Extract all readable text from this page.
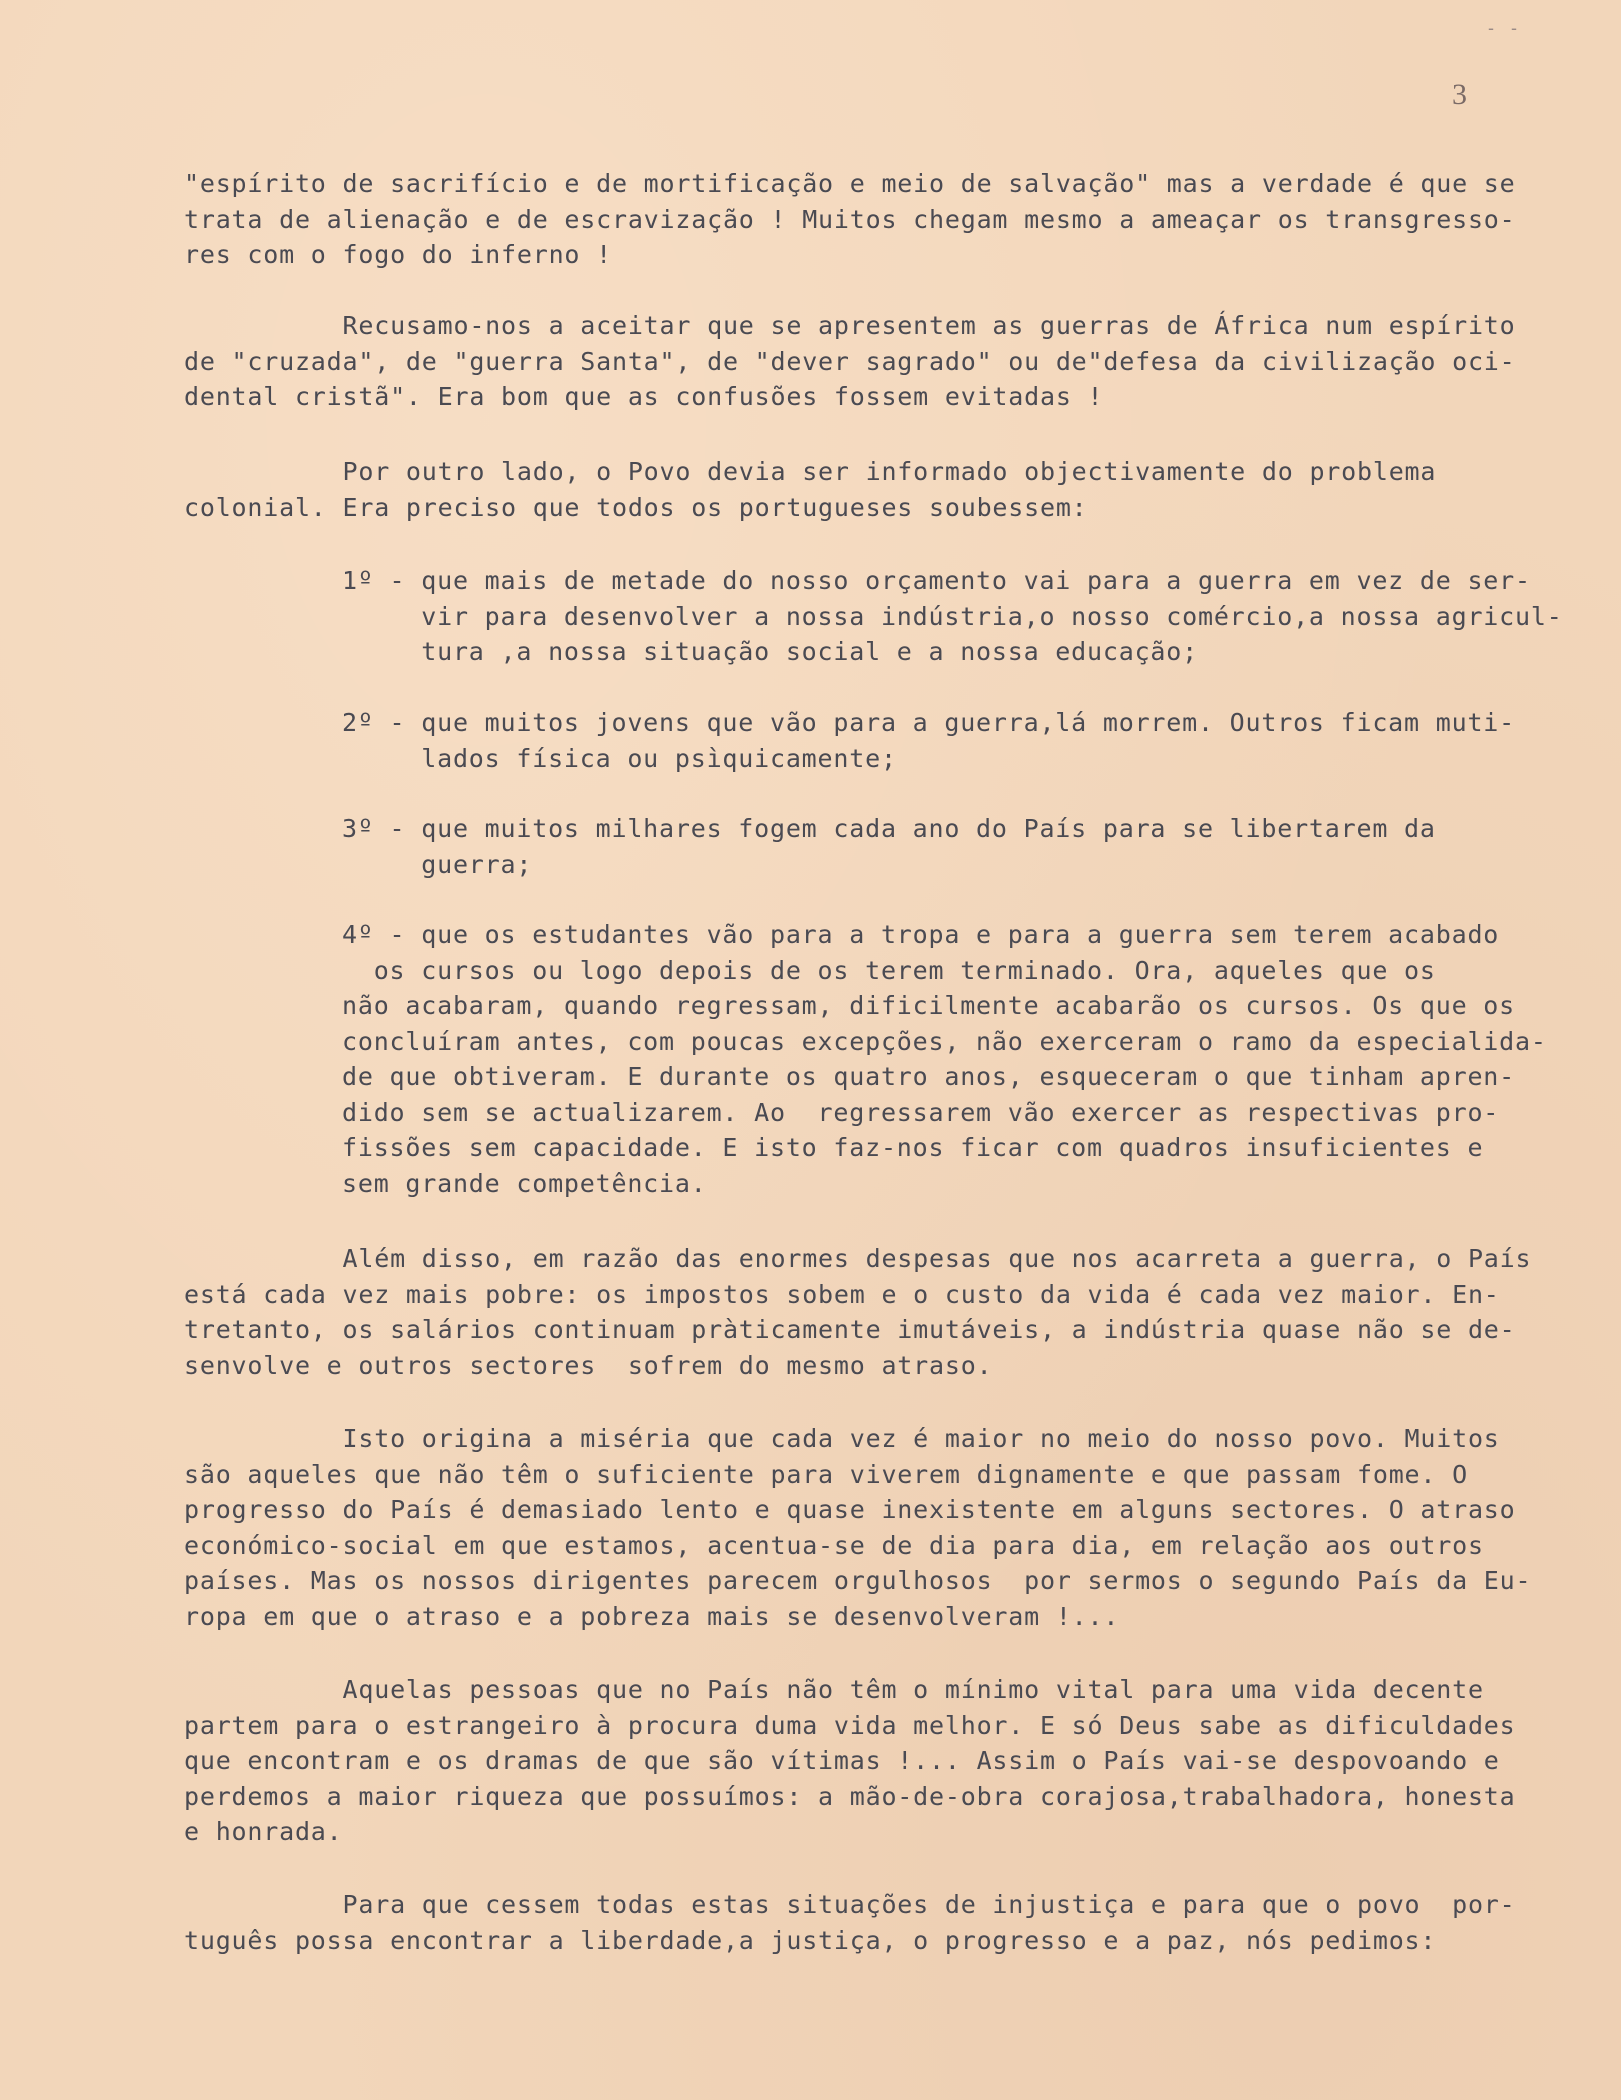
- -
3
"espírito de sacrifício e de mortificação e meio de salvação" mas a verdade é que se
trata de alienação e de escravização ! Muitos chegam mesmo a ameaçar os transgresso-
res com o fogo do inferno !
Recusamo-nos a aceitar que se apresentem as guerras de África num espírito
de "cruzada", de "guerra Santa", de "dever sagrado" ou de"defesa da civilização oci-
dental cristã". Era bom que as confusões fossem evitadas !
Por outro lado, o Povo devia ser informado objectivamente do problema
colonial. Era preciso que todos os portugueses soubessem:
1º - que mais de metade do nosso orçamento vai para a guerra em vez de ser-
vir para desenvolver a nossa indústria,o nosso comércio,a nossa agricul-
tura ,a nossa situação social e a nossa educação;
2º - que muitos jovens que vão para a guerra,lá morrem. Outros ficam muti-
lados física ou psìquicamente;
3º - que muitos milhares fogem cada ano do País para se libertarem da
guerra;
4º - que os estudantes vão para a tropa e para a guerra sem terem acabado
os cursos ou logo depois de os terem terminado. Ora, aqueles que os
não acabaram, quando regressam, dificilmente acabarão os cursos. Os que os
concluíram antes, com poucas excepções, não exerceram o ramo da especialida-
de que obtiveram. E durante os quatro anos, esqueceram o que tinham apren-
dido sem se actualizarem. Ao  regressarem vão exercer as respectivas pro-
fissões sem capacidade. E isto faz-nos ficar com quadros insuficientes e
sem grande competência.
Além disso, em razão das enormes despesas que nos acarreta a guerra, o País
está cada vez mais pobre: os impostos sobem e o custo da vida é cada vez maior. En-
tretanto, os salários continuam pràticamente imutáveis, a indústria quase não se de-
senvolve e outros sectores  sofrem do mesmo atraso.
Isto origina a miséria que cada vez é maior no meio do nosso povo. Muitos
são aqueles que não têm o suficiente para viverem dignamente e que passam fome. O
progresso do País é demasiado lento e quase inexistente em alguns sectores. O atraso
económico-social em que estamos, acentua-se de dia para dia, em relação aos outros
países. Mas os nossos dirigentes parecem orgulhosos  por sermos o segundo País da Eu-
ropa em que o atraso e a pobreza mais se desenvolveram !...
Aquelas pessoas que no País não têm o mínimo vital para uma vida decente
partem para o estrangeiro à procura duma vida melhor. E só Deus sabe as dificuldades
que encontram e os dramas de que são vítimas !... Assim o País vai-se despovoando e
perdemos a maior riqueza que possuímos: a mão-de-obra corajosa,trabalhadora, honesta
e honrada.
Para que cessem todas estas situações de injustiça e para que o povo  por-
tuguês possa encontrar a liberdade,a justiça, o progresso e a paz, nós pedimos:
